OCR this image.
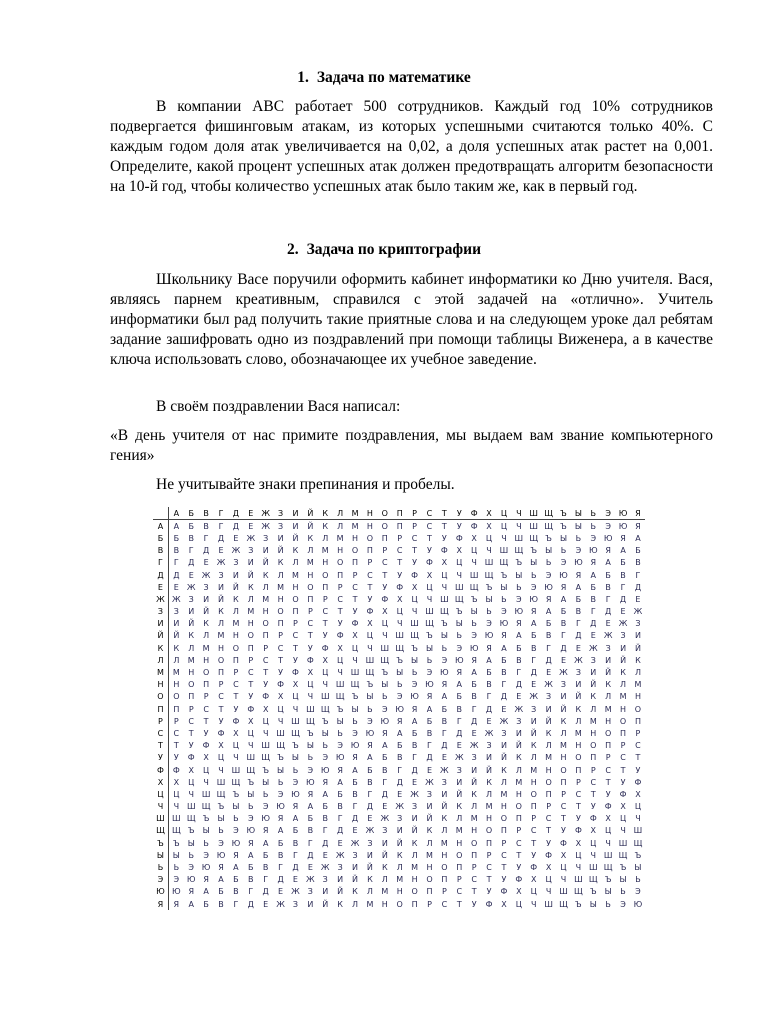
1. Задача по математике

В компании АВС работает 500 сотрудников. Каждый год 10% сотрудников подвергается фишинговым атакам, из которых успешными считаются только 40%. С каждым годом доля атак увеличивается на 0,02, а доля успешных атак растет на 0,001. Определите, какой процент успешных атак должен предотвращать алгоритм безопасности на 10-й год, чтобы количество успешных атак было таким же, как в первый год.

2. Задача по криптографии

Школьнику Васе поручили оформить кабинет информатики ко Дню учителя. Вася, являясь парнем креативным, справился с этой задачей на «отлично». Учитель информатики был рад получить такие приятные слова и на следующем уроке дал ребятам задание зашифровать одно из поздравлений при помощи таблицы Виженера, а в качестве ключа использовать слово, обозначающее их учебное заведение.

В своём поздравлении Вася написал:

«В день учителя от нас примите поздравления, мы выдаем вам звание компьютерного гения»

Не учитывайте знаки препинания и пробелы.

	А	Б	В	Г	Д	Е	Ж	З	И	Й	К	Л	М	Н	О	П	Р	С	Т	У	Ф	Х	Ц	Ч	Ш	Щ	Ъ	Ы	Ь	Э	Ю	Я
А	А	Б	В	Г	Д	Е	Ж	З	И	Й	К	Л	М	Н	О	П	Р	С	Т	У	Ф	Х	Ц	Ч	Ш	Щ	Ъ	Ы	Ь	Э	Ю	Я
Б	Б	В	Г	Д	Е	Ж	З	И	Й	К	Л	М	Н	О	П	Р	С	Т	У	Ф	Х	Ц	Ч	Ш	Щ	Ъ	Ы	Ь	Э	Ю	Я	А
В	В	Г	Д	Е	Ж	З	И	Й	К	Л	М	Н	О	П	Р	С	Т	У	Ф	Х	Ц	Ч	Ш	Щ	Ъ	Ы	Ь	Э	Ю	Я	А	Б
Г	Г	Д	Е	Ж	З	И	Й	К	Л	М	Н	О	П	Р	С	Т	У	Ф	Х	Ц	Ч	Ш	Щ	Ъ	Ы	Ь	Э	Ю	Я	А	Б	В
Д	Д	Е	Ж	З	И	Й	К	Л	М	Н	О	П	Р	С	Т	У	Ф	Х	Ц	Ч	Ш	Щ	Ъ	Ы	Ь	Э	Ю	Я	А	Б	В	Г
Е	Е	Ж	З	И	Й	К	Л	М	Н	О	П	Р	С	Т	У	Ф	Х	Ц	Ч	Ш	Щ	Ъ	Ы	Ь	Э	Ю	Я	А	Б	В	Г	Д
Ж	Ж	З	И	Й	К	Л	М	Н	О	П	Р	С	Т	У	Ф	Х	Ц	Ч	Ш	Щ	Ъ	Ы	Ь	Э	Ю	Я	А	Б	В	Г	Д	Е
З	З	И	Й	К	Л	М	Н	О	П	Р	С	Т	У	Ф	Х	Ц	Ч	Ш	Щ	Ъ	Ы	Ь	Э	Ю	Я	А	Б	В	Г	Д	Е	Ж
И	И	Й	К	Л	М	Н	О	П	Р	С	Т	У	Ф	Х	Ц	Ч	Ш	Щ	Ъ	Ы	Ь	Э	Ю	Я	А	Б	В	Г	Д	Е	Ж	З
Й	Й	К	Л	М	Н	О	П	Р	С	Т	У	Ф	Х	Ц	Ч	Ш	Щ	Ъ	Ы	Ь	Э	Ю	Я	А	Б	В	Г	Д	Е	Ж	З	И
К	К	Л	М	Н	О	П	Р	С	Т	У	Ф	Х	Ц	Ч	Ш	Щ	Ъ	Ы	Ь	Э	Ю	Я	А	Б	В	Г	Д	Е	Ж	З	И	Й
Л	Л	М	Н	О	П	Р	С	Т	У	Ф	Х	Ц	Ч	Ш	Щ	Ъ	Ы	Ь	Э	Ю	Я	А	Б	В	Г	Д	Е	Ж	З	И	Й	К
М	М	Н	О	П	Р	С	Т	У	Ф	Х	Ц	Ч	Ш	Щ	Ъ	Ы	Ь	Э	Ю	Я	А	Б	В	Г	Д	Е	Ж	З	И	Й	К	Л
Н	Н	О	П	Р	С	Т	У	Ф	Х	Ц	Ч	Ш	Щ	Ъ	Ы	Ь	Э	Ю	Я	А	Б	В	Г	Д	Е	Ж	З	И	Й	К	Л	М
О	О	П	Р	С	Т	У	Ф	Х	Ц	Ч	Ш	Щ	Ъ	Ы	Ь	Э	Ю	Я	А	Б	В	Г	Д	Е	Ж	З	И	Й	К	Л	М	Н
П	П	Р	С	Т	У	Ф	Х	Ц	Ч	Ш	Щ	Ъ	Ы	Ь	Э	Ю	Я	А	Б	В	Г	Д	Е	Ж	З	И	Й	К	Л	М	Н	О
Р	Р	С	Т	У	Ф	Х	Ц	Ч	Ш	Щ	Ъ	Ы	Ь	Э	Ю	Я	А	Б	В	Г	Д	Е	Ж	З	И	Й	К	Л	М	Н	О	П
С	С	Т	У	Ф	Х	Ц	Ч	Ш	Щ	Ъ	Ы	Ь	Э	Ю	Я	А	Б	В	Г	Д	Е	Ж	З	И	Й	К	Л	М	Н	О	П	Р
Т	Т	У	Ф	Х	Ц	Ч	Ш	Щ	Ъ	Ы	Ь	Э	Ю	Я	А	Б	В	Г	Д	Е	Ж	З	И	Й	К	Л	М	Н	О	П	Р	С
У	У	Ф	Х	Ц	Ч	Ш	Щ	Ъ	Ы	Ь	Э	Ю	Я	А	Б	В	Г	Д	Е	Ж	З	И	Й	К	Л	М	Н	О	П	Р	С	Т
Ф	Ф	Х	Ц	Ч	Ш	Щ	Ъ	Ы	Ь	Э	Ю	Я	А	Б	В	Г	Д	Е	Ж	З	И	Й	К	Л	М	Н	О	П	Р	С	Т	У
Х	Х	Ц	Ч	Ш	Щ	Ъ	Ы	Ь	Э	Ю	Я	А	Б	В	Г	Д	Е	Ж	З	И	Й	К	Л	М	Н	О	П	Р	С	Т	У	Ф
Ц	Ц	Ч	Ш	Щ	Ъ	Ы	Ь	Э	Ю	Я	А	Б	В	Г	Д	Е	Ж	З	И	Й	К	Л	М	Н	О	П	Р	С	Т	У	Ф	Х
Ч	Ч	Ш	Щ	Ъ	Ы	Ь	Э	Ю	Я	А	Б	В	Г	Д	Е	Ж	З	И	Й	К	Л	М	Н	О	П	Р	С	Т	У	Ф	Х	Ц
Ш	Ш	Щ	Ъ	Ы	Ь	Э	Ю	Я	А	Б	В	Г	Д	Е	Ж	З	И	Й	К	Л	М	Н	О	П	Р	С	Т	У	Ф	Х	Ц	Ч
Щ	Щ	Ъ	Ы	Ь	Э	Ю	Я	А	Б	В	Г	Д	Е	Ж	З	И	Й	К	Л	М	Н	О	П	Р	С	Т	У	Ф	Х	Ц	Ч	Ш
Ъ	Ъ	Ы	Ь	Э	Ю	Я	А	Б	В	Г	Д	Е	Ж	З	И	Й	К	Л	М	Н	О	П	Р	С	Т	У	Ф	Х	Ц	Ч	Ш	Щ
Ы	Ы	Ь	Э	Ю	Я	А	Б	В	Г	Д	Е	Ж	З	И	Й	К	Л	М	Н	О	П	Р	С	Т	У	Ф	Х	Ц	Ч	Ш	Щ	Ъ
Ь	Ь	Э	Ю	Я	А	Б	В	Г	Д	Е	Ж	З	И	Й	К	Л	М	Н	О	П	Р	С	Т	У	Ф	Х	Ц	Ч	Ш	Щ	Ъ	Ы
Э	Э	Ю	Я	А	Б	В	Г	Д	Е	Ж	З	И	Й	К	Л	М	Н	О	П	Р	С	Т	У	Ф	Х	Ц	Ч	Ш	Щ	Ъ	Ы	Ь
Ю	Ю	Я	А	Б	В	Г	Д	Е	Ж	З	И	Й	К	Л	М	Н	О	П	Р	С	Т	У	Ф	Х	Ц	Ч	Ш	Щ	Ъ	Ы	Ь	Э
Я	Я	А	Б	В	Г	Д	Е	Ж	З	И	Й	К	Л	М	Н	О	П	Р	С	Т	У	Ф	Х	Ц	Ч	Ш	Щ	Ъ	Ы	Ь	Э	Ю
